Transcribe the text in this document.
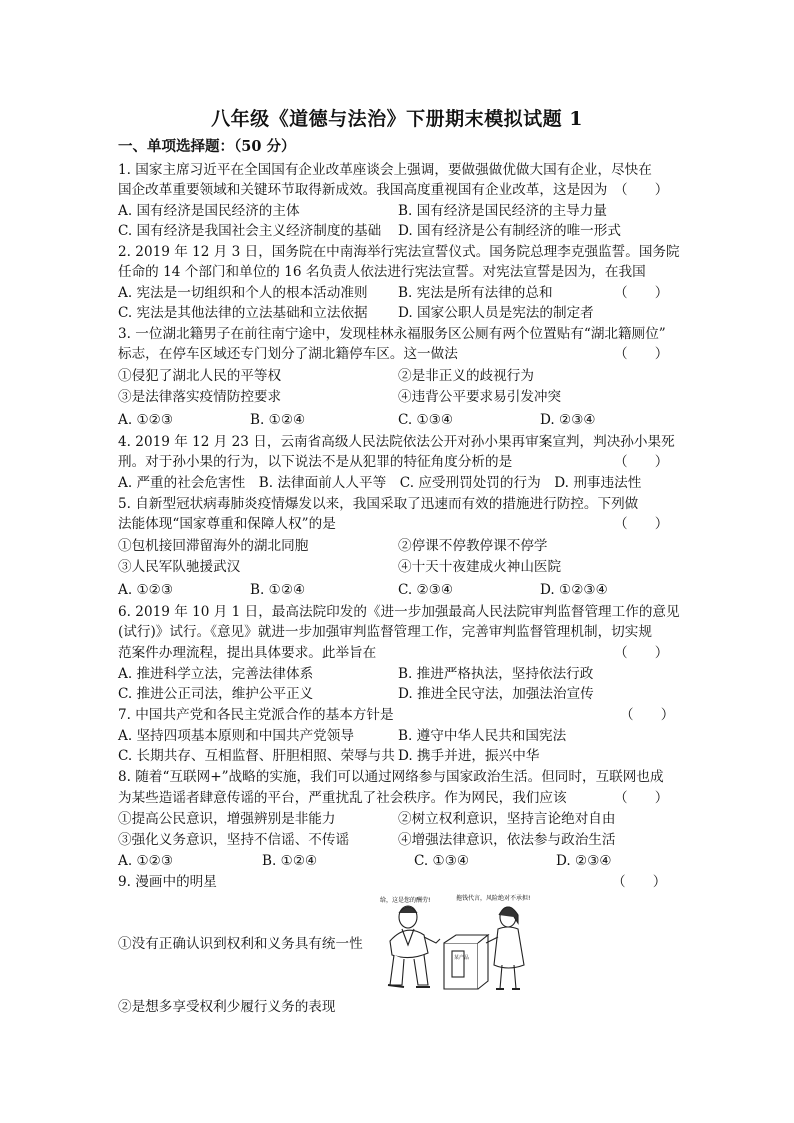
八年级《道德与法治》下册期末模拟试题 1
一、单项选择题：（50 分）
1. 国家主席习近平在全国国有企业改革座谈会上强调，要做强做优做大国有企业，尽快在
国企改革重要领域和关键环节取得新成效。我国高度重视国有企业改革，这是因为 （　　）
A. 国有经济是国民经济的主体	B. 国有经济是国民经济的主导力量
C. 国有经济是我国社会主义经济制度的基础 D. 国有经济是公有制经济的唯一形式
2. 2019 年 12 月 3 日，国务院在中南海举行宪法宣誓仪式。国务院总理李克强监誓。国务院
任命的 14 个部门和单位的 16 名负责人依法进行宪法宣誓。对宪法宣誓是因为，在我国
A. 宪法是一切组织和个人的根本活动准则 B. 宪法是所有法律的总和	（　　）
C. 宪法是其他法律的立法基础和立法依据 D. 国家公职人员是宪法的制定者
3. 一位湖北籍男子在前往南宁途中，发现桂林永福服务区公厕有两个位置贴有“湖北籍厕位”
标志，在停车区域还专门划分了湖北籍停车区。这一做法	（　　）
①侵犯了湖北人民的平等权	②是非正义的歧视行为
③是法律落实疫情防控要求	④违背公平要求易引发冲突
A. ①②③	B. ①②④	C. ①③④	D. ②③④
4. 2019 年 12 月 23 日，云南省高级人民法院依法公开对孙小果再审案宣判，判决孙小果死
刑。对于孙小果的行为，以下说法不是从犯罪的特征角度分析的是	（　　）
A. 严重的社会危害性　B. 法律面前人人平等　C. 应受刑罚处罚的行为　D. 刑事违法性
5. 自新型冠状病毒肺炎疫情爆发以来，我国采取了迅速而有效的措施进行防控。下列做
法能体现“国家尊重和保障人权”的是	（　　）
①包机接回滞留海外的湖北同胞	②停课不停教停课不停学
③人民军队驰援武汉	④十天十夜建成火神山医院
A. ①②③	B. ①②④	C. ②③④	D. ①②③④
6. 2019 年 10 月 1 日，最高法院印发的《进一步加强最高人民法院审判监督管理工作的意见
(试行)》试行。《意见》就进一步加强审判监督管理工作，完善审判监督管理机制，切实规
范案件办理流程，提出具体要求。此举旨在	（　　）
A. 推进科学立法，完善法律体系	B. 推进严格执法，坚持依法行政
C. 推进公正司法，维护公平正义	D. 推进全民守法，加强法治宣传
7. 中国共产党和各民主党派合作的基本方针是	（　　）
A. 坚持四项基本原则和中国共产党领导	B. 遵守中华人民共和国宪法
C. 长期共存、互相监督、肝胆相照、荣辱与共 D. 携手并进，振兴中华
8. 随着“互联网+”战略的实施，我们可以通过网络参与国家政治生活。但同时，互联网也成
为某些造谣者肆意传谣的平台，严重扰乱了社会秩序。作为网民，我们应该	（　　）
①提高公民意识，增强辨别是非能力	②树立权利意识，坚持言论绝对自由
③强化义务意识，坚持不信谣、不传谣	④增强法律意识，依法参与政治生活
A. ①②③	B. ①②④	C. ①③④	D. ②③④
9. 漫画中的明星	（　　）
给，这是您的酬劳!	拖钱代言，风险绝对不承担!
某产品
①没有正确认识到权利和义务具有统一性
②是想多享受权利少履行义务的表现
